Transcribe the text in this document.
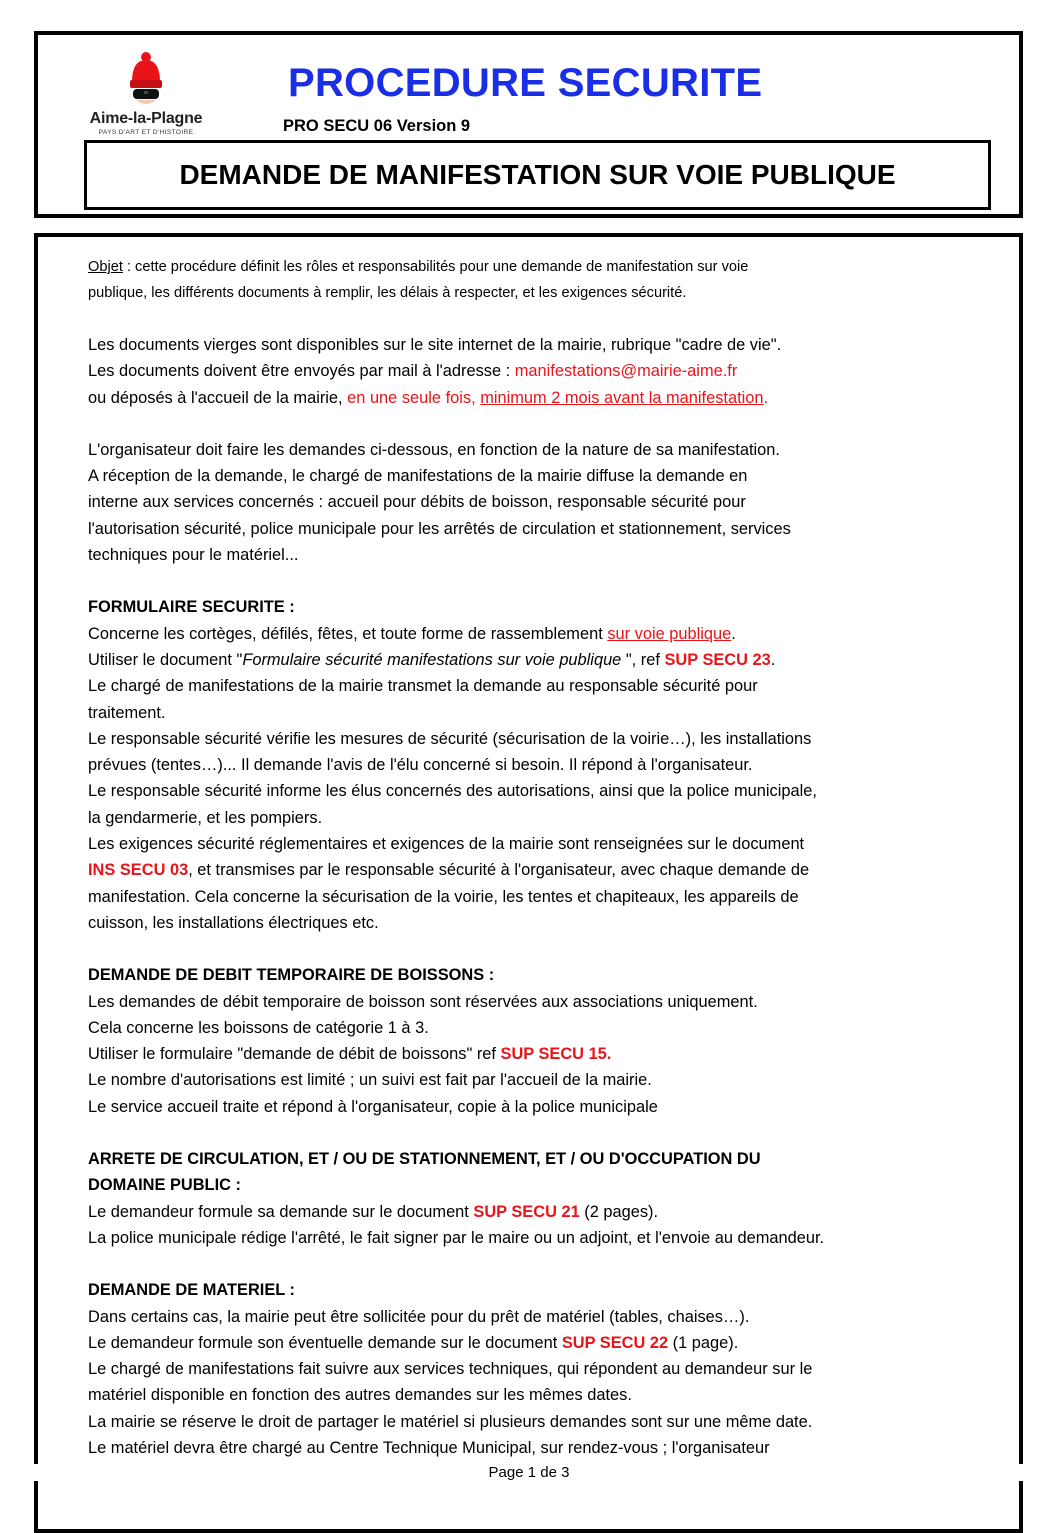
Aime-la-Plagne
PAYS D'ART ET D'HISTOIRE
PROCEDURE SECURITE
PRO SECU 06 Version 9
DEMANDE DE MANIFESTATION SUR VOIE PUBLIQUE

Objet : cette procédure définit les rôles et responsabilités pour une demande de manifestation sur voie

publique, les différents documents à remplir, les délais à respecter, et les exigences sécurité.

Les documents vierges sont disponibles sur le site internet de la mairie, rubrique "cadre de vie".

Les documents doivent être envoyés par mail à l'adresse : manifestations@mairie-aime.fr

ou déposés à l'accueil de la mairie, en une seule fois, minimum 2 mois avant la manifestation.

L'organisateur doit faire les demandes ci-dessous, en fonction de la nature de sa manifestation.

A réception de la demande, le chargé de manifestations de la mairie diffuse la demande en

interne aux services concernés : accueil pour débits de boisson, responsable sécurité pour

l'autorisation sécurité, police municipale pour les arrêtés de circulation et stationnement, services

techniques pour le matériel...

FORMULAIRE SECURITE :

Concerne les cortèges, défilés, fêtes, et toute forme de rassemblement sur voie publique.

Utiliser le document "Formulaire sécurité manifestations sur voie publique ", ref SUP SECU 23.

Le chargé de manifestations de la mairie transmet la demande au responsable sécurité pour

traitement.

Le responsable sécurité vérifie les mesures de sécurité (sécurisation de la voirie…), les installations

prévues (tentes…)... Il demande l'avis de l'élu concerné si besoin. Il répond à l'organisateur.

Le responsable sécurité informe les élus concernés des autorisations, ainsi que la police municipale,

la gendarmerie, et les pompiers.

Les exigences sécurité réglementaires et exigences de la mairie sont renseignées sur le document

INS SECU 03, et transmises par le responsable sécurité à l'organisateur, avec chaque demande de

manifestation. Cela concerne la sécurisation de la voirie, les tentes et chapiteaux, les appareils de

cuisson, les installations électriques etc.

DEMANDE DE DEBIT TEMPORAIRE DE BOISSONS :

Les demandes de débit temporaire de boisson sont réservées aux associations uniquement.

Cela concerne les boissons de catégorie 1 à 3.

Utiliser le formulaire "demande de débit de boissons" ref SUP SECU 15.

Le nombre d'autorisations est limité ; un suivi est fait par l'accueil de la mairie.

Le service accueil traite et répond à l'organisateur, copie à la police municipale

ARRETE DE CIRCULATION, ET / OU DE STATIONNEMENT, ET / OU D'OCCUPATION DU

DOMAINE PUBLIC :

Le demandeur formule sa demande sur le document SUP SECU 21 (2 pages).

La police municipale rédige l'arrêté, le fait signer par le maire ou un adjoint, et l'envoie au demandeur.

DEMANDE DE MATERIEL :

Dans certains cas, la mairie peut être sollicitée pour du prêt de matériel (tables, chaises…).

Le demandeur formule son éventuelle demande sur le document SUP SECU 22 (1 page).

Le chargé de manifestations fait suivre aux services techniques, qui répondent au demandeur sur le

matériel disponible en fonction des autres demandes sur les mêmes dates.

La mairie se réserve le droit de partager le matériel si plusieurs demandes sont sur une même date.

Le matériel devra être chargé au Centre Technique Municipal, sur rendez-vous ; l'organisateur

Page 1 de 3
